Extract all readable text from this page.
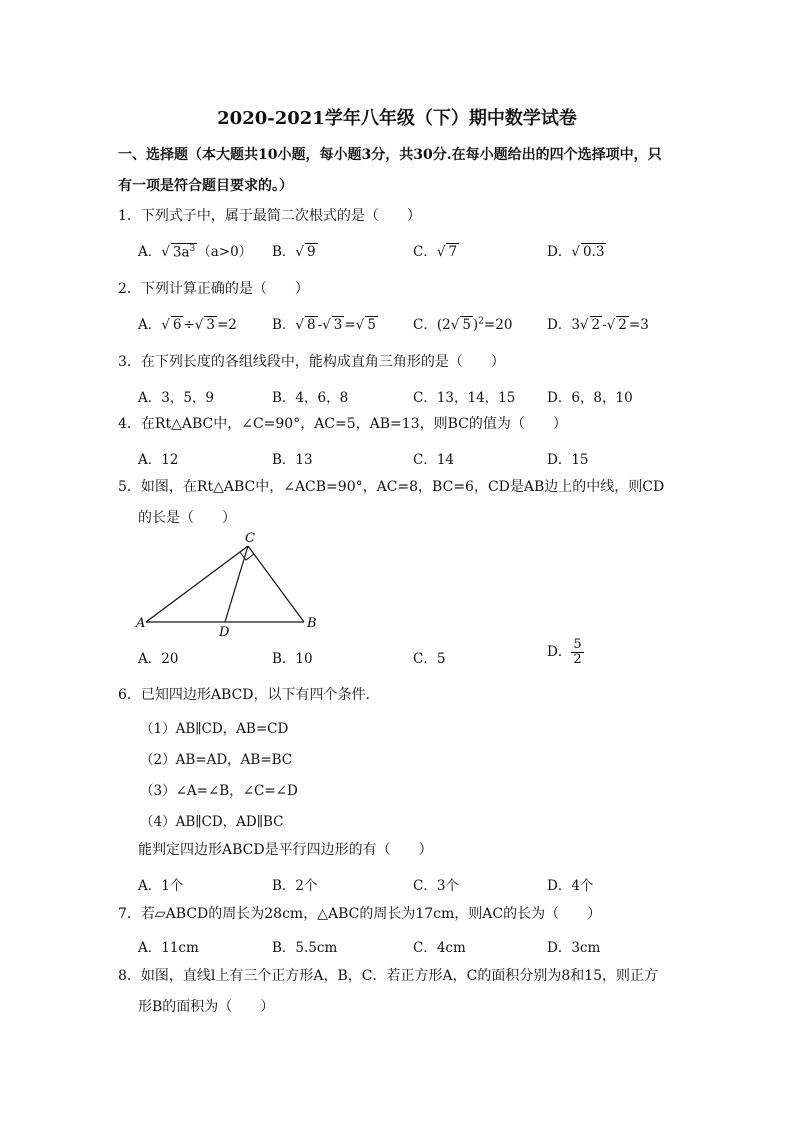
2020-2021学年八年级（下）期中数学试卷
一、选择题（本大题共10小题，每小题3分，共30分.在每小题给出的四个选择项中，只
有一项是符合题目要求的。）
1．下列式子中，属于最简二次根式的是（　　）
A．√ $3a^3$ （a>0） B．√ 9	C．√ 7	D．√ 0.3
2．下列计算正确的是（　　）
A．√ 6 ÷√ 3 =2	B．√ 8 -√ 3 =√ 5	C．(2√ 5 )$^2$=20	D．3√ 2 -√ 2 =3
3．在下列长度的各组线段中，能构成直角三角形的是（　　）
A．3，5，9	B．4，6，8	C．13，14，15 D．6，8，10
4．在Rt△ABC中，∠C=90°，AC=5，AB=13，则BC的值为（　　）
A．12	B．13	C．14	D．15
5．如图，在Rt△ABC中，∠ACB=90°，AC=8，BC=6，CD是AB边上的中线，则CD
的长是（　　）
C
A
D
B
A．20	B．10	C．5	D． $\frac{5}{2}$
6．已知四边形ABCD，以下有四个条件．
（1）AB∥CD，AB=CD
（2）AB=AD，AB=BC
（3）∠A=∠B，∠C=∠D
（4）AB∥CD，AD∥BC
能判定四边形ABCD是平行四边形的有（　　）
A．1个	B．2个	C．3个	D．4个
7．若▱ABCD的周长为28cm，△ABC的周长为17cm，则AC的长为（　　）
A．11cm	B．5.5cm	C．4cm	D．3cm
8．如图，直线l上有三个正方形A，B，C．若正方形A，C的面积分别为8和15，则正方
形B的面积为（　　）
